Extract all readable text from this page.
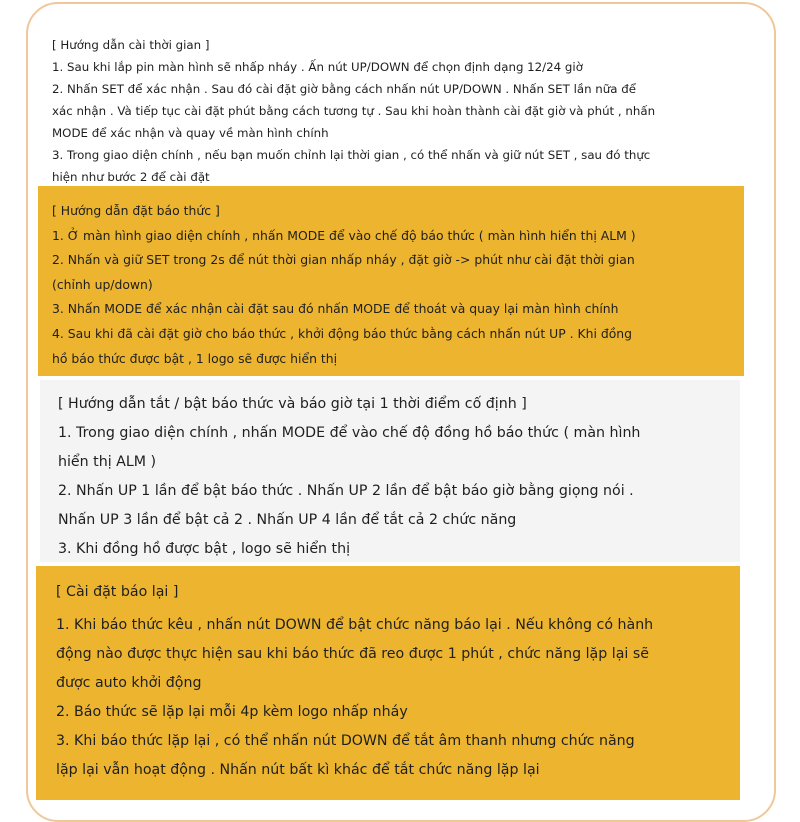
[ Hướng dẫn cài thời gian ]
1. Sau khi lắp pin màn hình sẽ nhấp nháy . Ấn nút UP/DOWN để chọn định dạng 12/24 giờ
2. Nhấn SET để xác nhận . Sau đó cài đặt giờ bằng cách nhấn nút UP/DOWN . Nhấn SET lần nữa để
xác nhận . Và tiếp tục cài đặt phút bằng cách tương tự . Sau khi hoàn thành cài đặt giờ và phút , nhấn
MODE để xác nhận và quay về màn hình chính
3. Trong giao diện chính , nếu bạn muốn chỉnh lại thời gian , có thể nhấn và giữ nút SET , sau đó thực
hiện như bước 2 để cài đặt
[ Hướng dẫn đặt báo thức ]
1. Ở màn hình giao diện chính , nhấn MODE để vào chế độ báo thức ( màn hình hiển thị ALM )
2. Nhấn và giữ SET trong 2s để nút thời gian nhấp nháy , đặt giờ -> phút như cài đặt thời gian
(chỉnh up/down)
3. Nhấn MODE để xác nhận cài đặt sau đó nhấn MODE để thoát và quay lại màn hình chính
4. Sau khi đã cài đặt giờ cho báo thức , khởi động báo thức bằng cách nhấn nút UP . Khi đồng
hồ báo thức được bật , 1 logo sẽ được hiển thị
[ Hướng dẫn tắt / bật báo thức và báo giờ tại 1 thời điểm cố định ]
1. Trong giao diện chính , nhấn MODE để vào chế độ đồng hồ báo thức ( màn hình
hiển thị ALM )
2. Nhấn UP 1 lần để bật báo thức . Nhấn UP 2 lần để bật báo giờ bằng giọng nói .
Nhấn UP 3 lần để bật cả 2 . Nhấn UP 4 lần để tắt cả 2 chức năng
3. Khi đồng hồ được bật , logo sẽ hiển thị
[ Cài đặt báo lại ]
1. Khi báo thức kêu , nhấn nút DOWN để bật chức năng báo lại . Nếu không có hành
động nào được thực hiện sau khi báo thức đã reo được 1 phút , chức năng lặp lại sẽ
được auto khởi động
2. Báo thức sẽ lặp lại mỗi 4p kèm logo nhấp nháy
3. Khi báo thức lặp lại , có thể nhấn nút DOWN để tắt âm thanh nhưng chức năng
lặp lại vẫn hoạt động . Nhấn nút bất kì khác để tắt chức năng lặp lại
